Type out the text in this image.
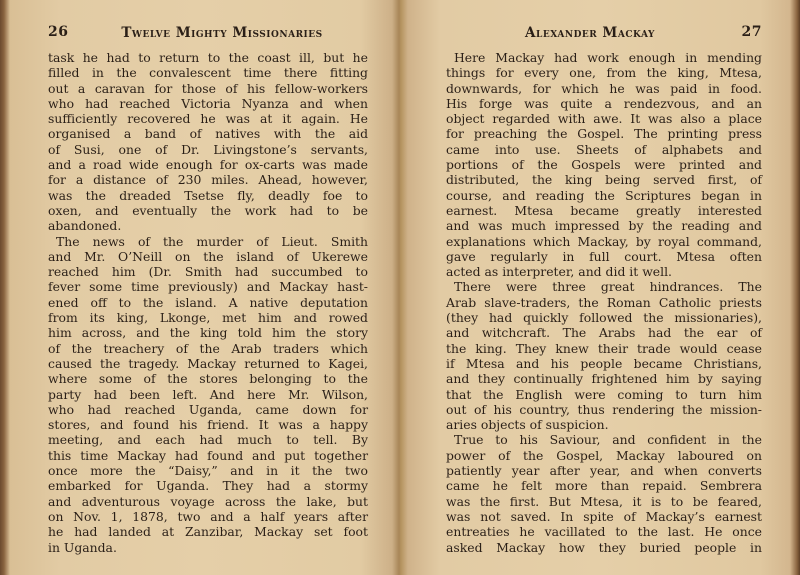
26	Twelve Mighty Missionaries
task he had to return to the coast ill, but he
filled in the convalescent time there fitting
out a caravan for those of his fellow-workers
who had reached Victoria Nyanza and when
sufficiently recovered he was at it again. He
organised a band of natives with the aid
of Susi, one of Dr. Livingstone’s servants,
and a road wide enough for ox-carts was made
for a distance of 230 miles. Ahead, however,
was the dreaded Tsetse fly, deadly foe to
oxen, and eventually the work had to be
abandoned.
The news of the murder of Lieut. Smith
and Mr. O’Neill on the island of Ukerewe
reached him (Dr. Smith had succumbed to
fever some time previously) and Mackay hast-
ened off to the island. A native deputation
from its king, Lkonge, met him and rowed
him across, and the king told him the story
of the treachery of the Arab traders which
caused the tragedy. Mackay returned to Kagei,
where some of the stores belonging to the
party had been left. And here Mr. Wilson,
who had reached Uganda, came down for
stores, and found his friend. It was a happy
meeting, and each had much to tell. By
this time Mackay had found and put together
once more the “Daisy,” and in it the two
embarked for Uganda. They had a stormy
and adventurous voyage across the lake, but
on Nov. 1, 1878, two and a half years after
he had landed at Zanzibar, Mackay set foot
in Uganda.
Alexander Mackay	27
Here Mackay had work enough in mending
things for every one, from the king, Mtesa,
downwards, for which he was paid in food.
His forge was quite a rendezvous, and an
object regarded with awe. It was also a place
for preaching the Gospel. The printing press
came into use. Sheets of alphabets and
portions of the Gospels were printed and
distributed, the king being served first, of
course, and reading the Scriptures began in
earnest. Mtesa became greatly interested
and was much impressed by the reading and
explanations which Mackay, by royal command,
gave regularly in full court. Mtesa often
acted as interpreter, and did it well.
There were three great hindrances. The
Arab slave-traders, the Roman Catholic priests
(they had quickly followed the missionaries),
and witchcraft. The Arabs had the ear of
the king. They knew their trade would cease
if Mtesa and his people became Christians,
and they continually frightened him by saying
that the English were coming to turn him
out of his country, thus rendering the mission-
aries objects of suspicion.
True to his Saviour, and confident in the
power of the Gospel, Mackay laboured on
patiently year after year, and when converts
came he felt more than repaid. Sembrera
was the first. But Mtesa, it is to be feared,
was not saved. In spite of Mackay’s earnest
entreaties he vacillated to the last. He once
asked Mackay how they buried people in
